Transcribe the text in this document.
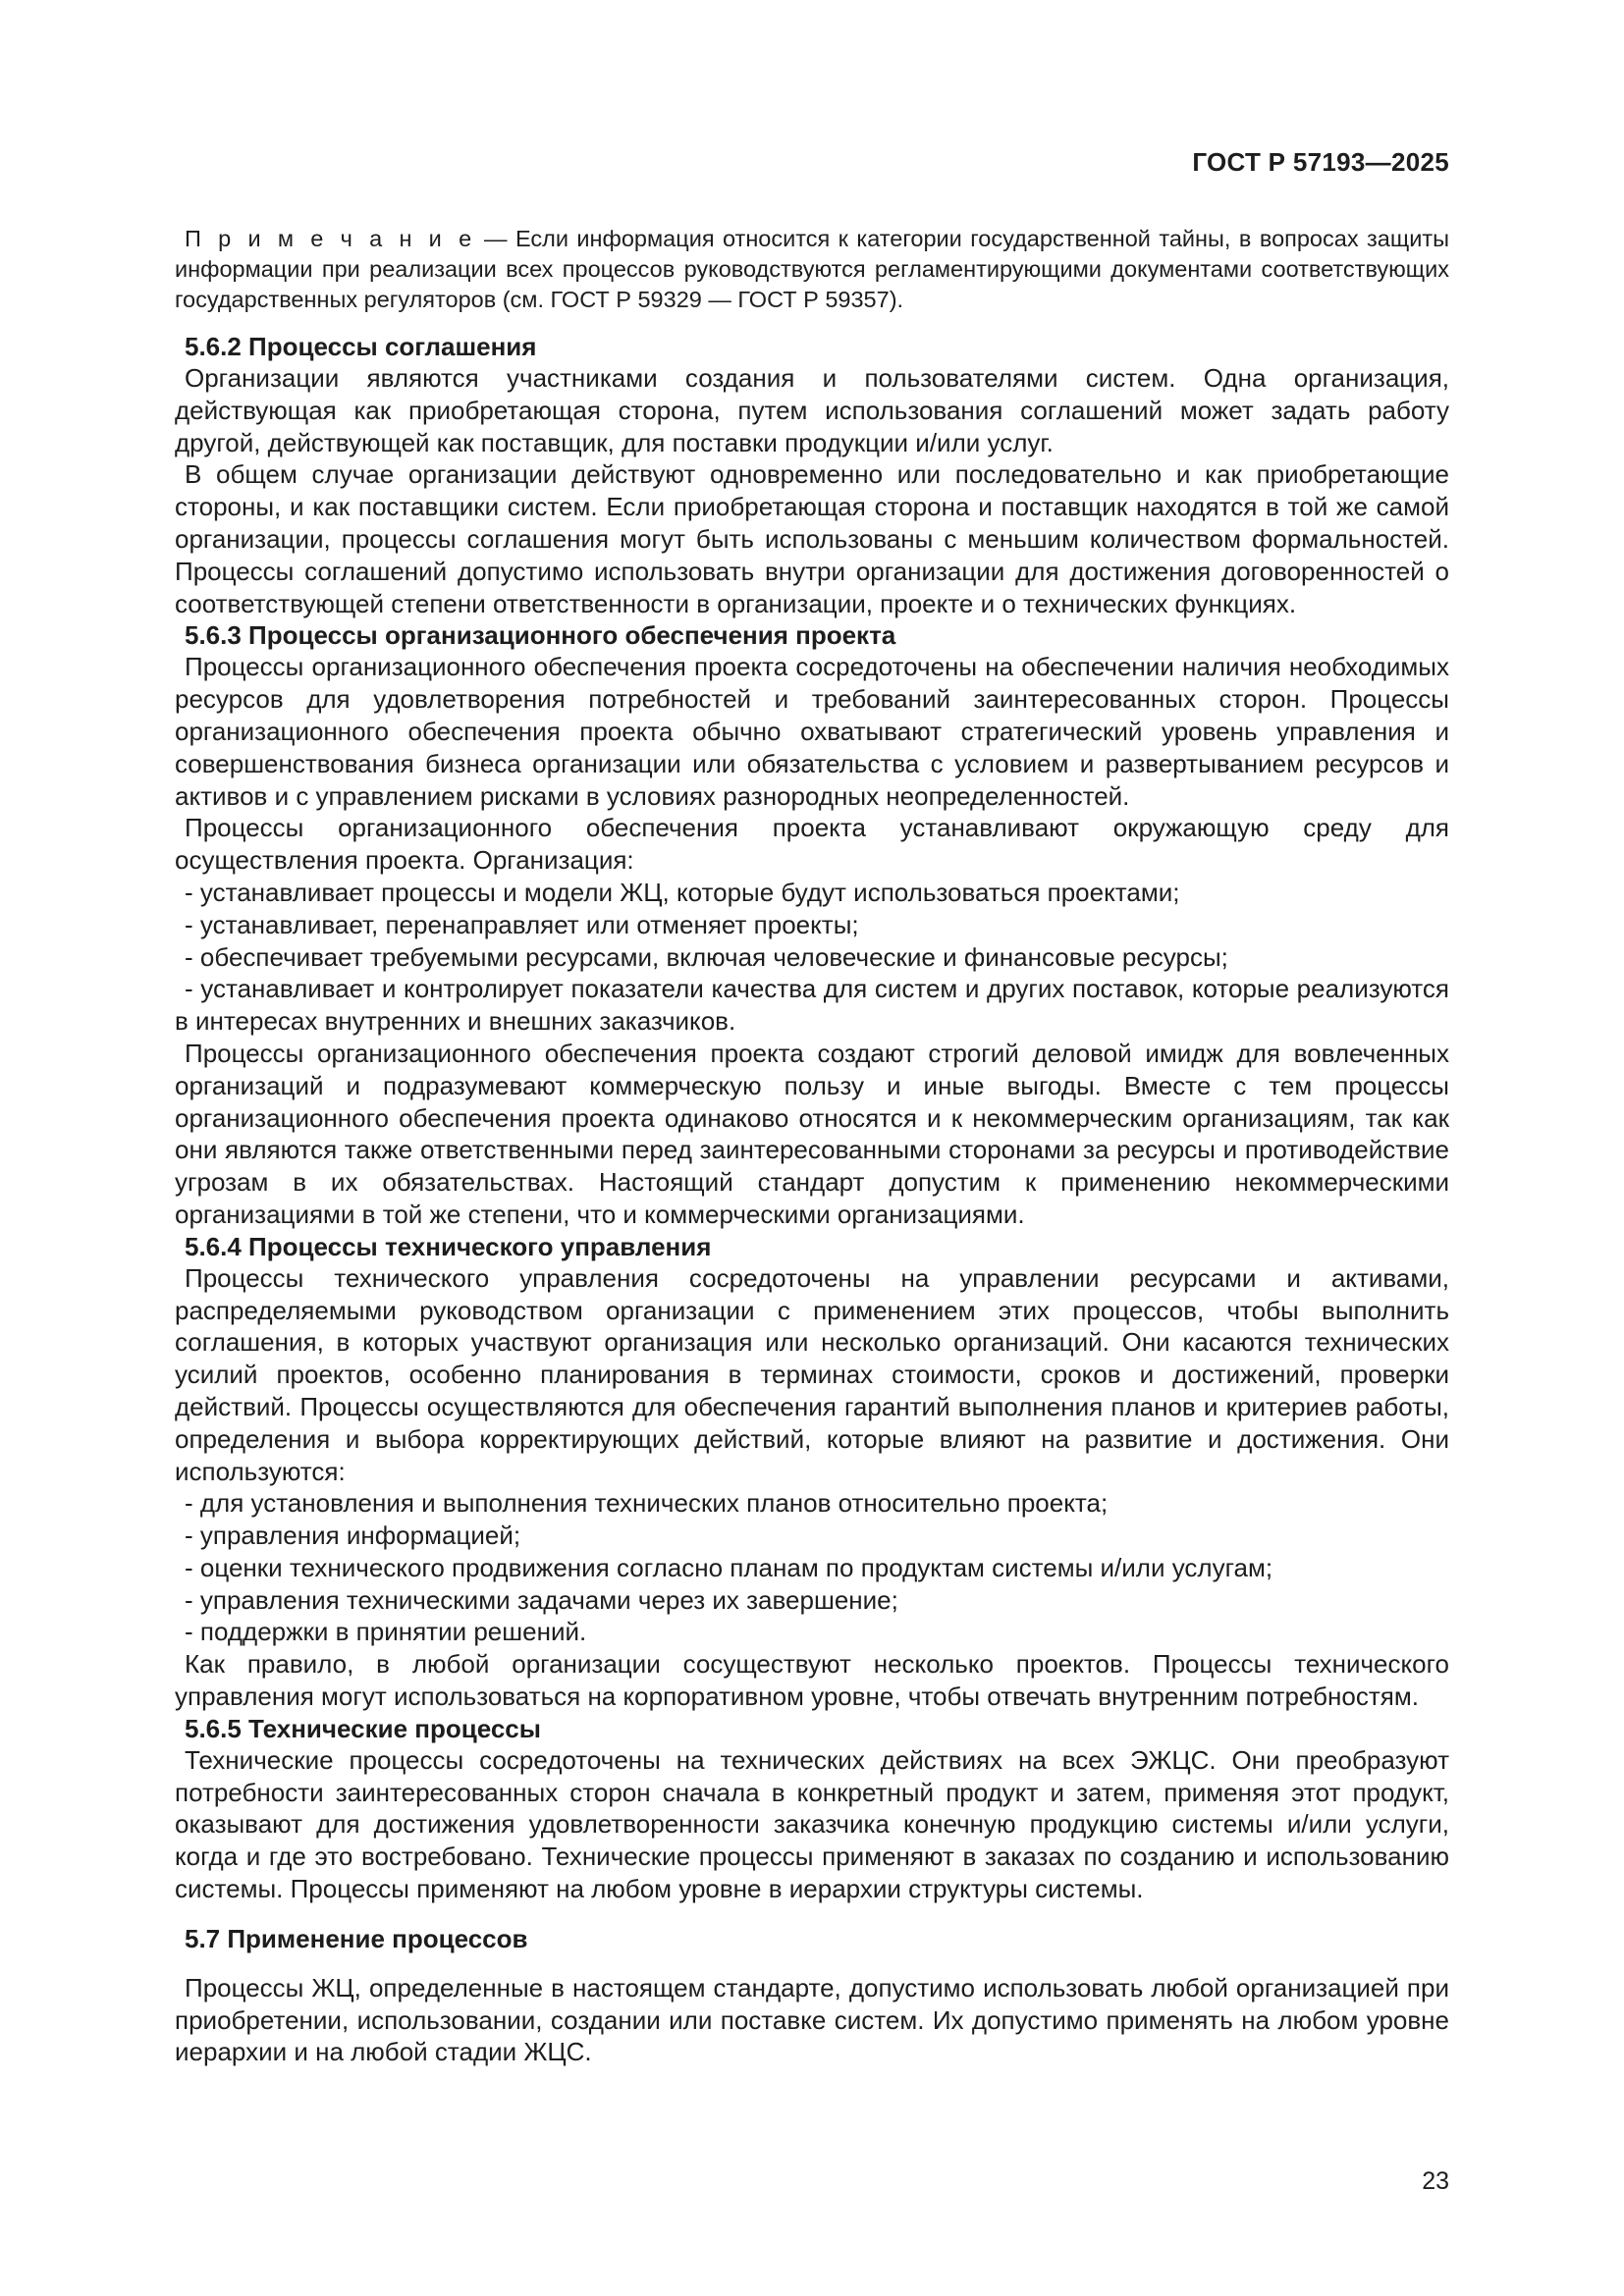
ГОСТ Р 57193—2025

П р и м е ч а н и е — Если информация относится к категории государственной тайны, в вопросах защиты информации при реализации всех процессов руководствуются регламентирующими документами соответствующих государственных регуляторов (см. ГОСТ Р 59329 — ГОСТ Р 59357).

5.6.2 Процессы соглашения

Организации являются участниками создания и пользователями систем. Одна организация, действующая как приобретающая сторона, путем использования соглашений может задать работу другой, действующей как поставщик, для поставки продукции и/или услуг.

В общем случае организации действуют одновременно или последовательно и как приобретающие стороны, и как поставщики систем. Если приобретающая сторона и поставщик находятся в той же самой организации, процессы соглашения могут быть использованы с меньшим количеством формальностей. Процессы соглашений допустимо использовать внутри организации для достижения договоренностей о соответствующей степени ответственности в организации, проекте и о технических функциях.

5.6.3 Процессы организационного обеспечения проекта

Процессы организационного обеспечения проекта сосредоточены на обеспечении наличия необходимых ресурсов для удовлетворения потребностей и требований заинтересованных сторон. Процессы организационного обеспечения проекта обычно охватывают стратегический уровень управления и совершенствования бизнеса организации или обязательства с условием и развертыванием ресурсов и активов и с управлением рисками в условиях разнородных неопределенностей.

Процессы организационного обеспечения проекта устанавливают окружающую среду для осуществления проекта. Организация:

- устанавливает процессы и модели ЖЦ, которые будут использоваться проектами;

- устанавливает, перенаправляет или отменяет проекты;

- обеспечивает требуемыми ресурсами, включая человеческие и финансовые ресурсы;

- устанавливает и контролирует показатели качества для систем и других поставок, которые реализуются в интересах внутренних и внешних заказчиков.

Процессы организационного обеспечения проекта создают строгий деловой имидж для вовлеченных организаций и подразумевают коммерческую пользу и иные выгоды. Вместе с тем процессы организационного обеспечения проекта одинаково относятся и к некоммерческим организациям, так как они являются также ответственными перед заинтересованными сторонами за ресурсы и противодействие угрозам в их обязательствах. Настоящий стандарт допустим к применению некоммерческими организациями в той же степени, что и коммерческими организациями.

5.6.4 Процессы технического управления

Процессы технического управления сосредоточены на управлении ресурсами и активами, распределяемыми руководством организации с применением этих процессов, чтобы выполнить соглашения, в которых участвуют организация или несколько организаций. Они касаются технических усилий проектов, особенно планирования в терминах стоимости, сроков и достижений, проверки действий. Процессы осуществляются для обеспечения гарантий выполнения планов и критериев работы, определения и выбора корректирующих действий, которые влияют на развитие и достижения. Они используются:

- для установления и выполнения технических планов относительно проекта;

- управления информацией;

- оценки технического продвижения согласно планам по продуктам системы и/или услугам;

- управления техническими задачами через их завершение;

- поддержки в принятии решений.

Как правило, в любой организации сосуществуют несколько проектов. Процессы технического управления могут использоваться на корпоративном уровне, чтобы отвечать внутренним потребностям.

5.6.5 Технические процессы

Технические процессы сосредоточены на технических действиях на всех ЭЖЦС. Они преобразуют потребности заинтересованных сторон сначала в конкретный продукт и затем, применяя этот продукт, оказывают для достижения удовлетворенности заказчика конечную продукцию системы и/или услуги, когда и где это востребовано. Технические процессы применяют в заказах по созданию и использованию системы. Процессы применяют на любом уровне в иерархии структуры системы.

5.7 Применение процессов

Процессы ЖЦ, определенные в настоящем стандарте, допустимо использовать любой организацией при приобретении, использовании, создании или поставке систем. Их допустимо применять на любом уровне иерархии и на любой стадии ЖЦС.

23
